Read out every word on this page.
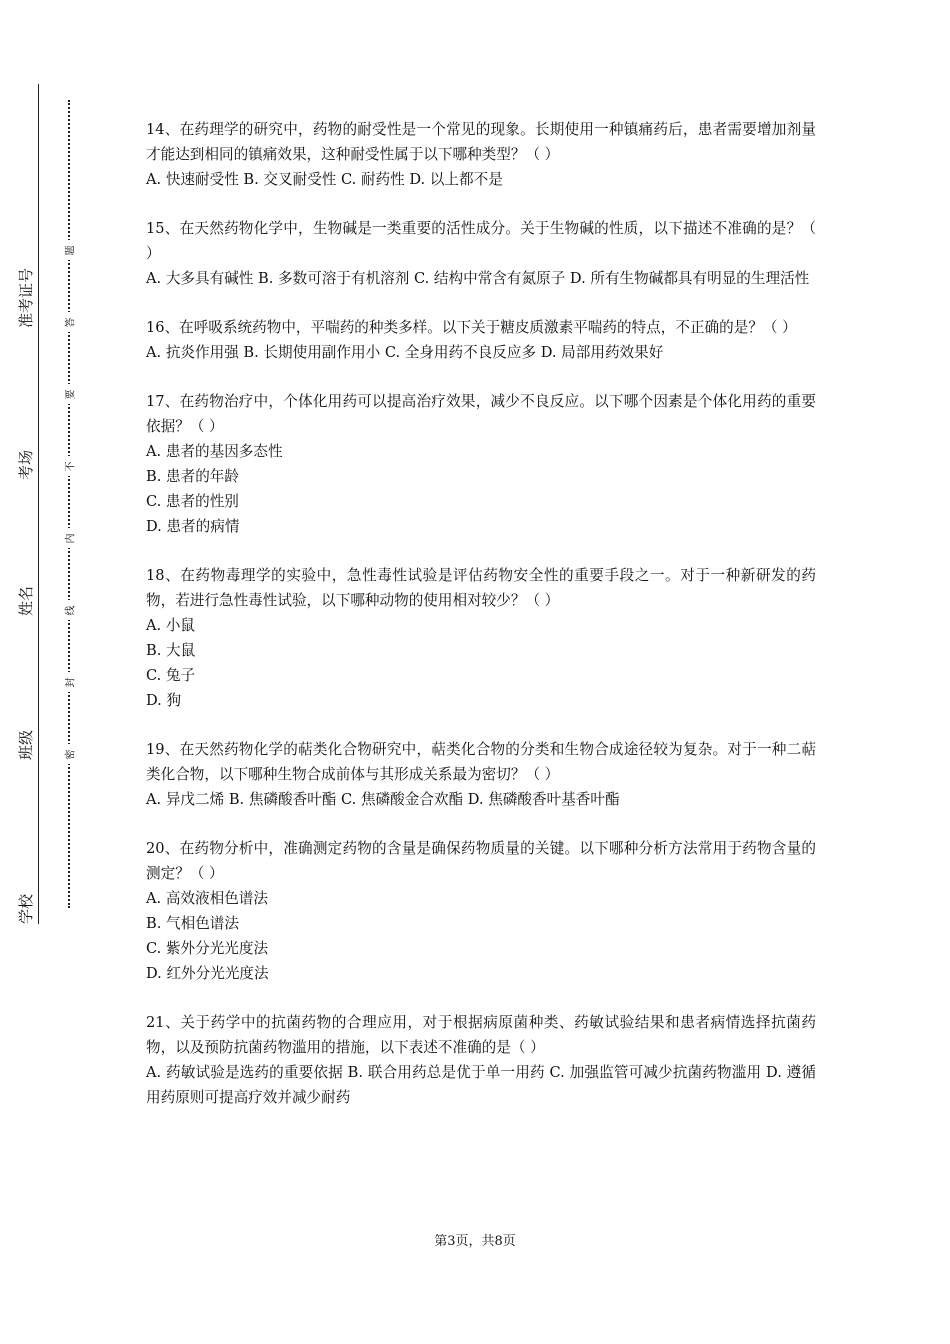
准考证号
考场
姓名
班级
学校
题
答
要
不
内
线
封
密

14、在药理学的研究中，药物的耐受性是一个常见的现象。长期使用一种镇痛药后，患者需要增加剂量才能达到相同的镇痛效果，这种耐受性属于以下哪种类型？（ ）

A. 快速耐受性 B. 交叉耐受性 C. 耐药性 D. 以上都不是

15、在天然药物化学中，生物碱是一类重要的活性成分。关于生物碱的性质，以下描述不准确的是？（ ）

A. 大多具有碱性 B. 多数可溶于有机溶剂 C. 结构中常含有氮原子 D. 所有生物碱都具有明显的生理活性

16、在呼吸系统药物中，平喘药的种类多样。以下关于糖皮质激素平喘药的特点，不正确的是？（ ）

A. 抗炎作用强 B. 长期使用副作用小 C. 全身用药不良反应多 D. 局部用药效果好

17、在药物治疗中，个体化用药可以提高治疗效果，减少不良反应。以下哪个因素是个体化用药的重要依据？（ ）

A. 患者的基因多态性

B. 患者的年龄

C. 患者的性别

D. 患者的病情

18、在药物毒理学的实验中，急性毒性试验是评估药物安全性的重要手段之一。对于一种新研发的药物，若进行急性毒性试验，以下哪种动物的使用相对较少？（ ）

A. 小鼠

B. 大鼠

C. 兔子

D. 狗

19、在天然药物化学的萜类化合物研究中，萜类化合物的分类和生物合成途径较为复杂。对于一种二萜类化合物，以下哪种生物合成前体与其形成关系最为密切？（ ）

A. 异戊二烯 B. 焦磷酸香叶酯 C. 焦磷酸金合欢酯 D. 焦磷酸香叶基香叶酯

20、在药物分析中，准确测定药物的含量是确保药物质量的关键。以下哪种分析方法常用于药物含量的测定？（ ）

A. 高效液相色谱法

B. 气相色谱法

C. 紫外分光光度法

D. 红外分光光度法

21、关于药学中的抗菌药物的合理应用，对于根据病原菌种类、药敏试验结果和患者病情选择抗菌药物，以及预防抗菌药物滥用的措施，以下表述不准确的是（ ）

A. 药敏试验是选药的重要依据 B. 联合用药总是优于单一用药 C. 加强监管可减少抗菌药物滥用 D. 遵循用药原则可提高疗效并减少耐药

第3页，共8页
